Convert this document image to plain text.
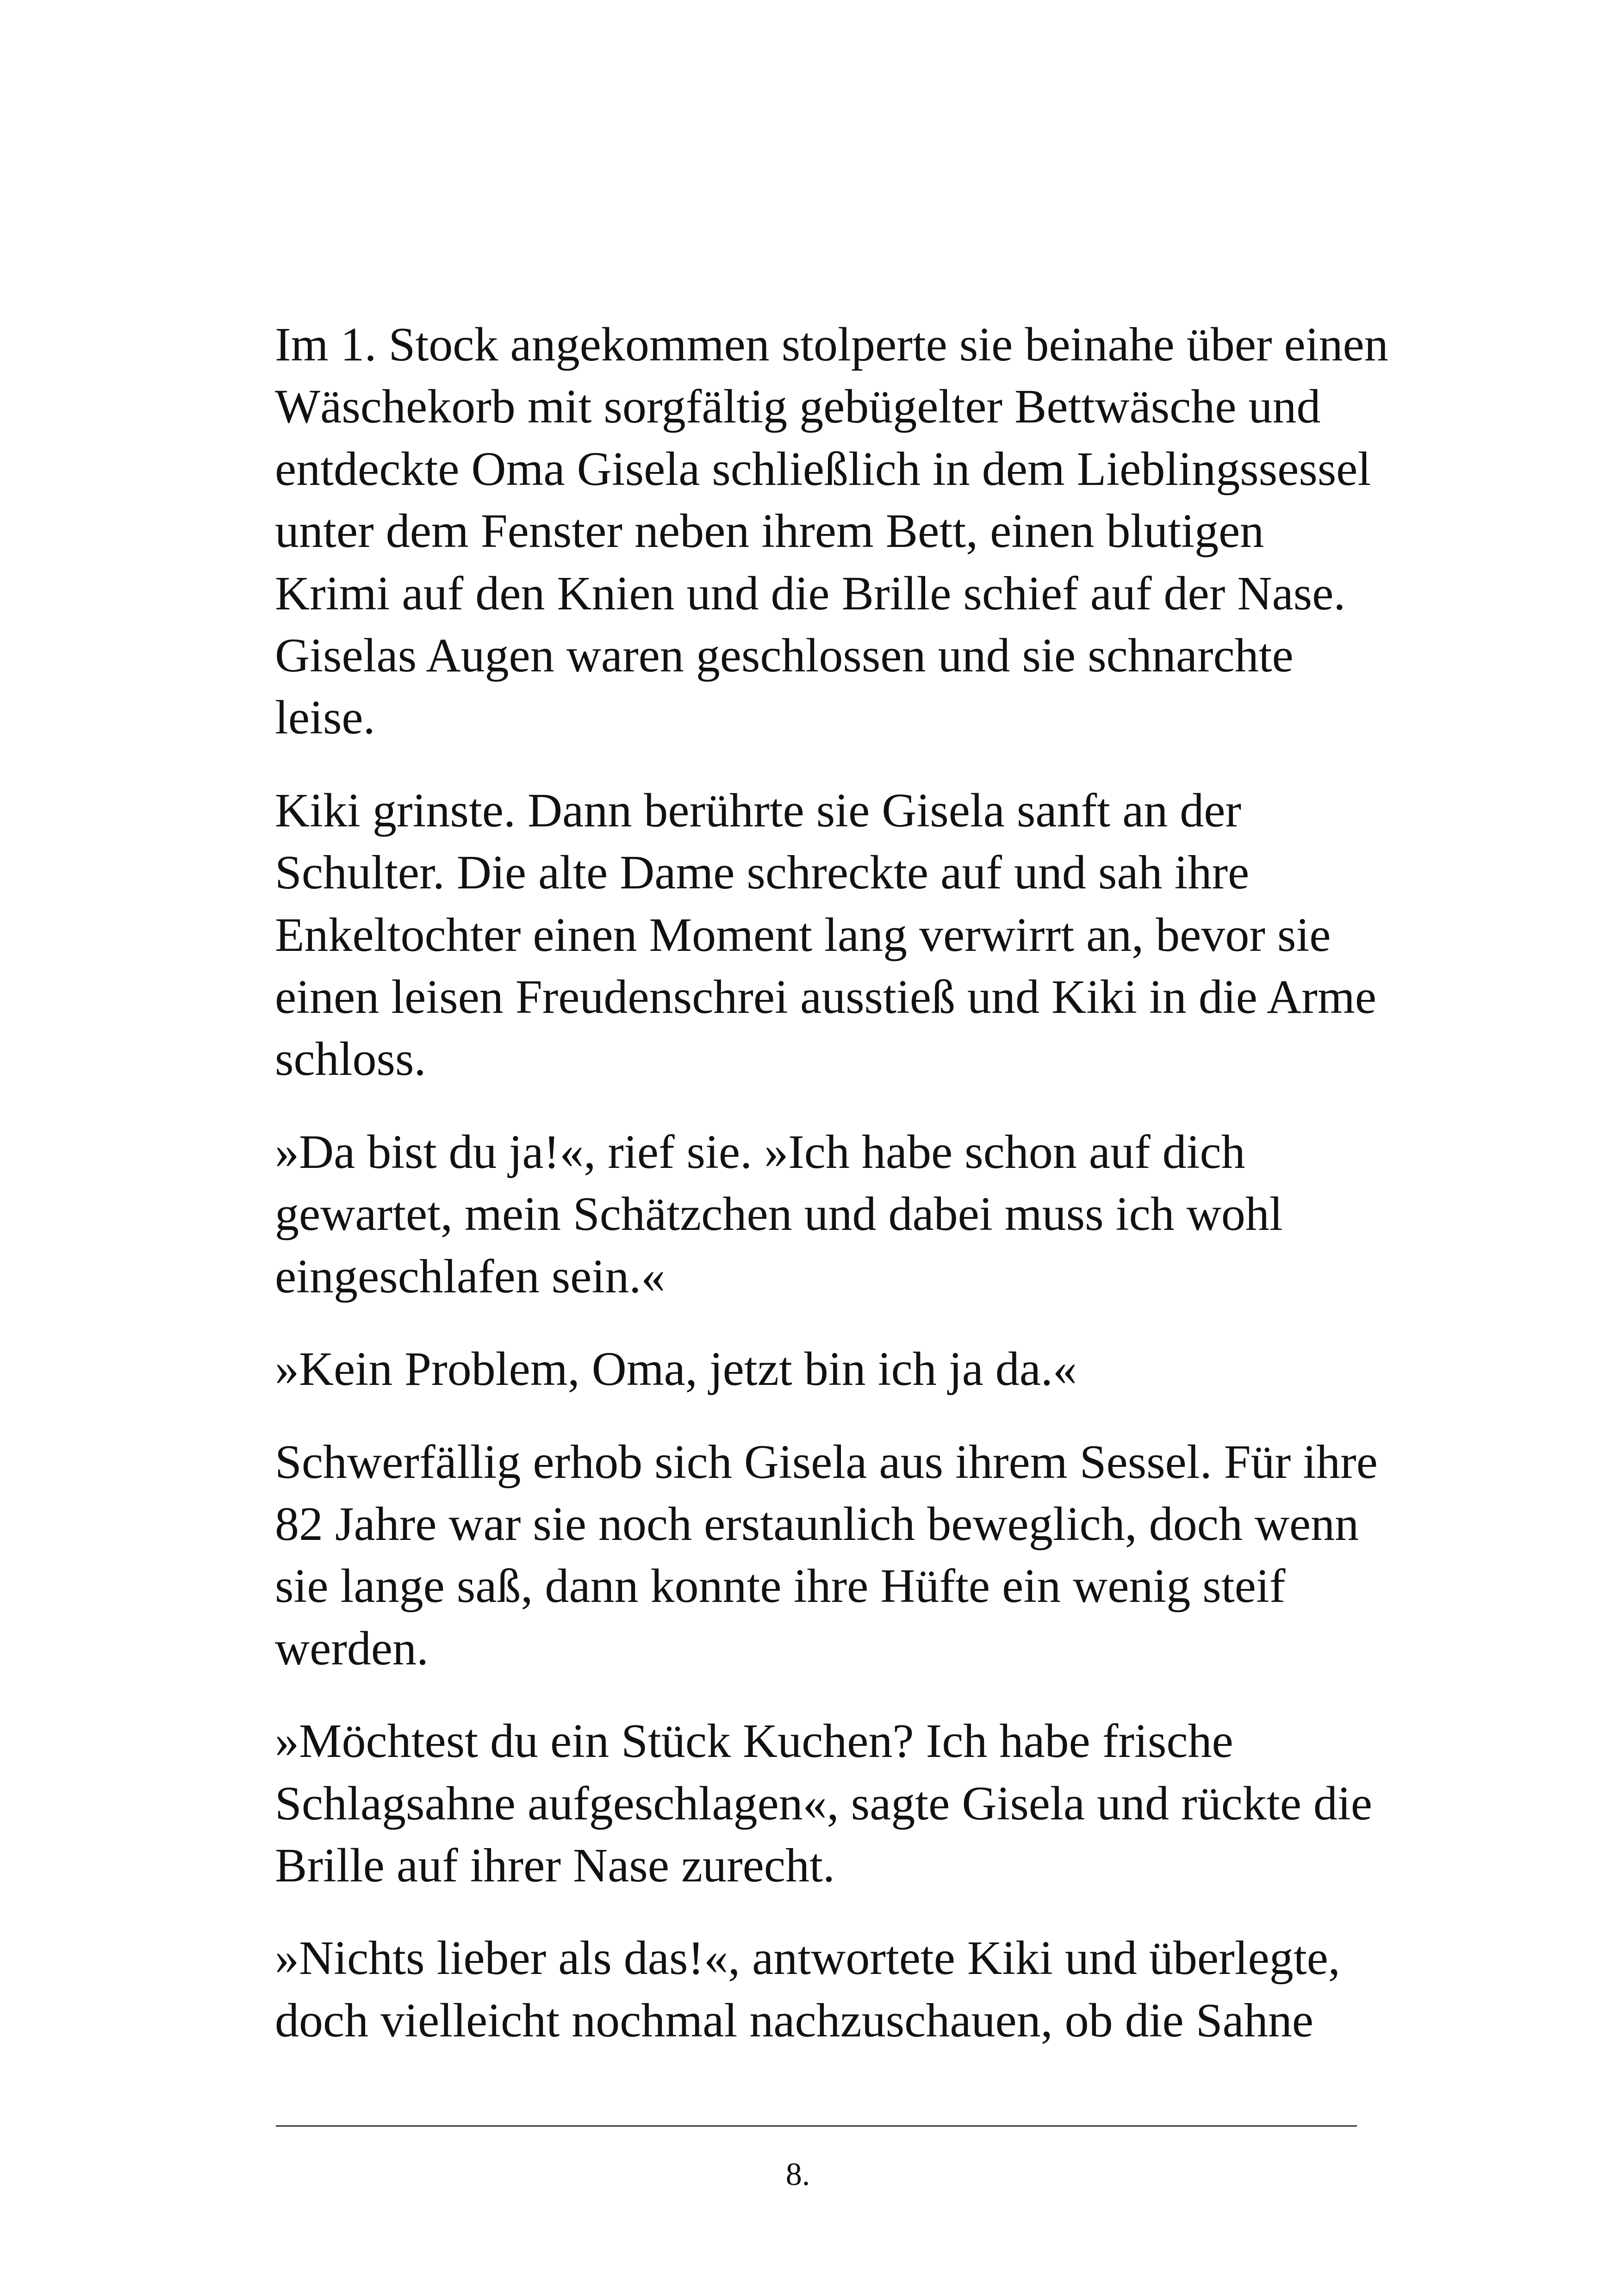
Im 1. Stock angekommen stolperte sie beinahe über einen
Wäschekorb mit sorgfältig gebügelter Bettwäsche und
entdeckte Oma Gisela schließlich in dem Lieblingssessel
unter dem Fenster neben ihrem Bett, einen blutigen
Krimi auf den Knien und die Brille schief auf der Nase.
Giselas Augen waren geschlossen und sie schnarchte
leise.

Kiki grinste. Dann berührte sie Gisela sanft an der
Schulter. Die alte Dame schreckte auf und sah ihre
Enkeltochter einen Moment lang verwirrt an, bevor sie
einen leisen Freudenschrei ausstieß und Kiki in die Arme
schloss.

»Da bist du ja!«, rief sie. »Ich habe schon auf dich
gewartet, mein Schätzchen und dabei muss ich wohl
eingeschlafen sein.«

»Kein Problem, Oma, jetzt bin ich ja da.«

Schwerfällig erhob sich Gisela aus ihrem Sessel. Für ihre
82 Jahre war sie noch erstaunlich beweglich, doch wenn
sie lange saß, dann konnte ihre Hüfte ein wenig steif
werden.

»Möchtest du ein Stück Kuchen? Ich habe frische
Schlagsahne aufgeschlagen«, sagte Gisela und rückte die
Brille auf ihrer Nase zurecht.

»Nichts lieber als das!«, antwortete Kiki und überlegte,
doch vielleicht nochmal nachzuschauen, ob die Sahne

8.
